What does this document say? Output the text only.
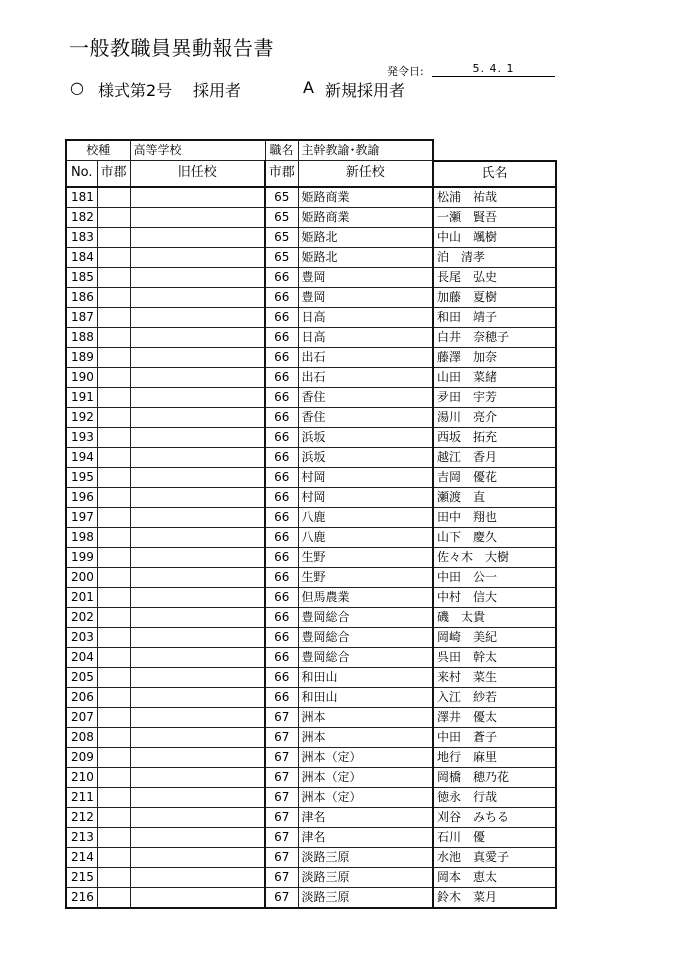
一般教職員異動報告書
発令日:	5. 4. 1
○ 様式第2号 採用者	A 新規採用者
校種		高等学校	職名	主幹教諭･教諭	
No.	市郡	旧任校	市郡	新任校	氏名
181			65	姫路商業	松浦　祐哉
182			65	姫路商業	一瀬　賢吾
183			65	姫路北	中山　颯樹
184			65	姫路北	泊　清孝
185			66	豊岡	長尾　弘史
186			66	豊岡	加藤　夏樹
187			66	日高	和田　靖子
188			66	日高	白井　奈穂子
189			66	出石	藤澤　加奈
190			66	出石	山田　菜緒
191			66	香住	夛田　宇芳
192			66	香住	湯川　亮介
193			66	浜坂	西坂　拓充
194			66	浜坂	越江　香月
195			66	村岡	吉岡　優花
196			66	村岡	瀬渡　直
197			66	八鹿	田中　翔也
198			66	八鹿	山下　慶久
199			66	生野	佐々木　大樹
200			66	生野	中田　公一
201			66	但馬農業	中村　信大
202			66	豊岡総合	磯　太貴
203			66	豊岡総合	岡崎　美紀
204			66	豊岡総合	呉田　幹太
205			66	和田山	来村　菜生
206			66	和田山	入江　紗若
207			67	洲本	澤井　優太
208			67	洲本	中田　蒼子
209			67	洲本（定）	地行　麻里
210			67	洲本（定）	岡橋　穂乃花
211			67	洲本（定）	徳永　行哉
212			67	津名	刈谷　みちる
213			67	津名	石川　優
214			67	淡路三原	水池　真愛子
215			67	淡路三原	岡本　恵太
216			67	淡路三原	鈴木　菜月
